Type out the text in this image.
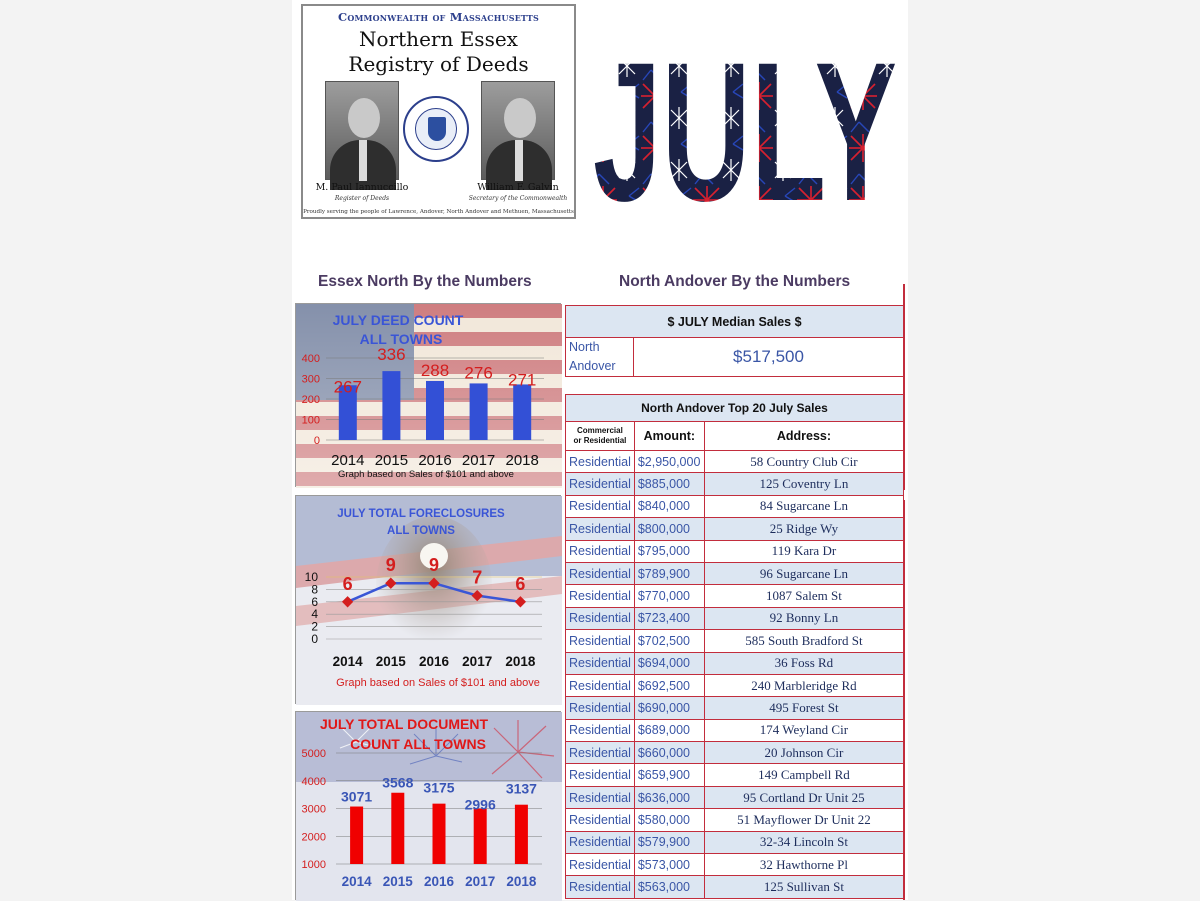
Commonwealth of Massachusetts
Northern Essex
Registry of Deeds
M. Paul Iannuccillo
Register of Deeds
William F. Galvin
Secretary of the Commonwealth
Proudly serving the people of Lawrence, Andover, North Andover and Methuen, Massachusetts JULY
Essex North By the Numbers	North Andover By the Numbers
0
100
200
300
400
267
2014
336
2015
288
2016
276
2017
271
2018
JULY DEED COUNT
ALL TOWNS
Graph based on Sales of $101 and above
0
2
4
6
8
10 6
2014
9
2015
9
2016
7
2017
6
2018
JULY TOTAL FORECLOSURES
ALL TOWNS
Graph based on Sales of $101 and above
1000
2000
3000
4000
5000
3071
2014
3568
2015
3175
2016
2996
2017
3137
2018
JULY TOTAL DOCUMENT
COUNT ALL TOWNS
$ JULY Median Sales $

North
Andover	$517,500
North Andover Top 20 July Sales		

Commercial
or Residential	Amount:	Address:
Residential	$2,950,000	58 Country Club Cir
Residential	$885,000	125 Coventry Ln
Residential	$840,000	84 Sugarcane Ln
Residential	$800,000	25 Ridge Wy
Residential	$795,000	119 Kara Dr
Residential	$789,900	96 Sugarcane Ln
Residential	$770,000	1087 Salem St
Residential	$723,400	92 Bonny Ln
Residential	$702,500	585 South Bradford St
Residential	$694,000	36 Foss Rd
Residential	$692,500	240 Marbleridge Rd
Residential	$690,000	495 Forest St
Residential	$689,000	174 Weyland Cir
Residential	$660,000	20 Johnson Cir
Residential	$659,900	149 Campbell Rd
Residential	$636,000	95 Cortland Dr Unit 25
Residential	$580,000	51 Mayflower Dr Unit 22
Residential	$579,900	32-34 Lincoln St
Residential	$573,000	32 Hawthorne Pl
Residential	$563,000	125 Sullivan St
